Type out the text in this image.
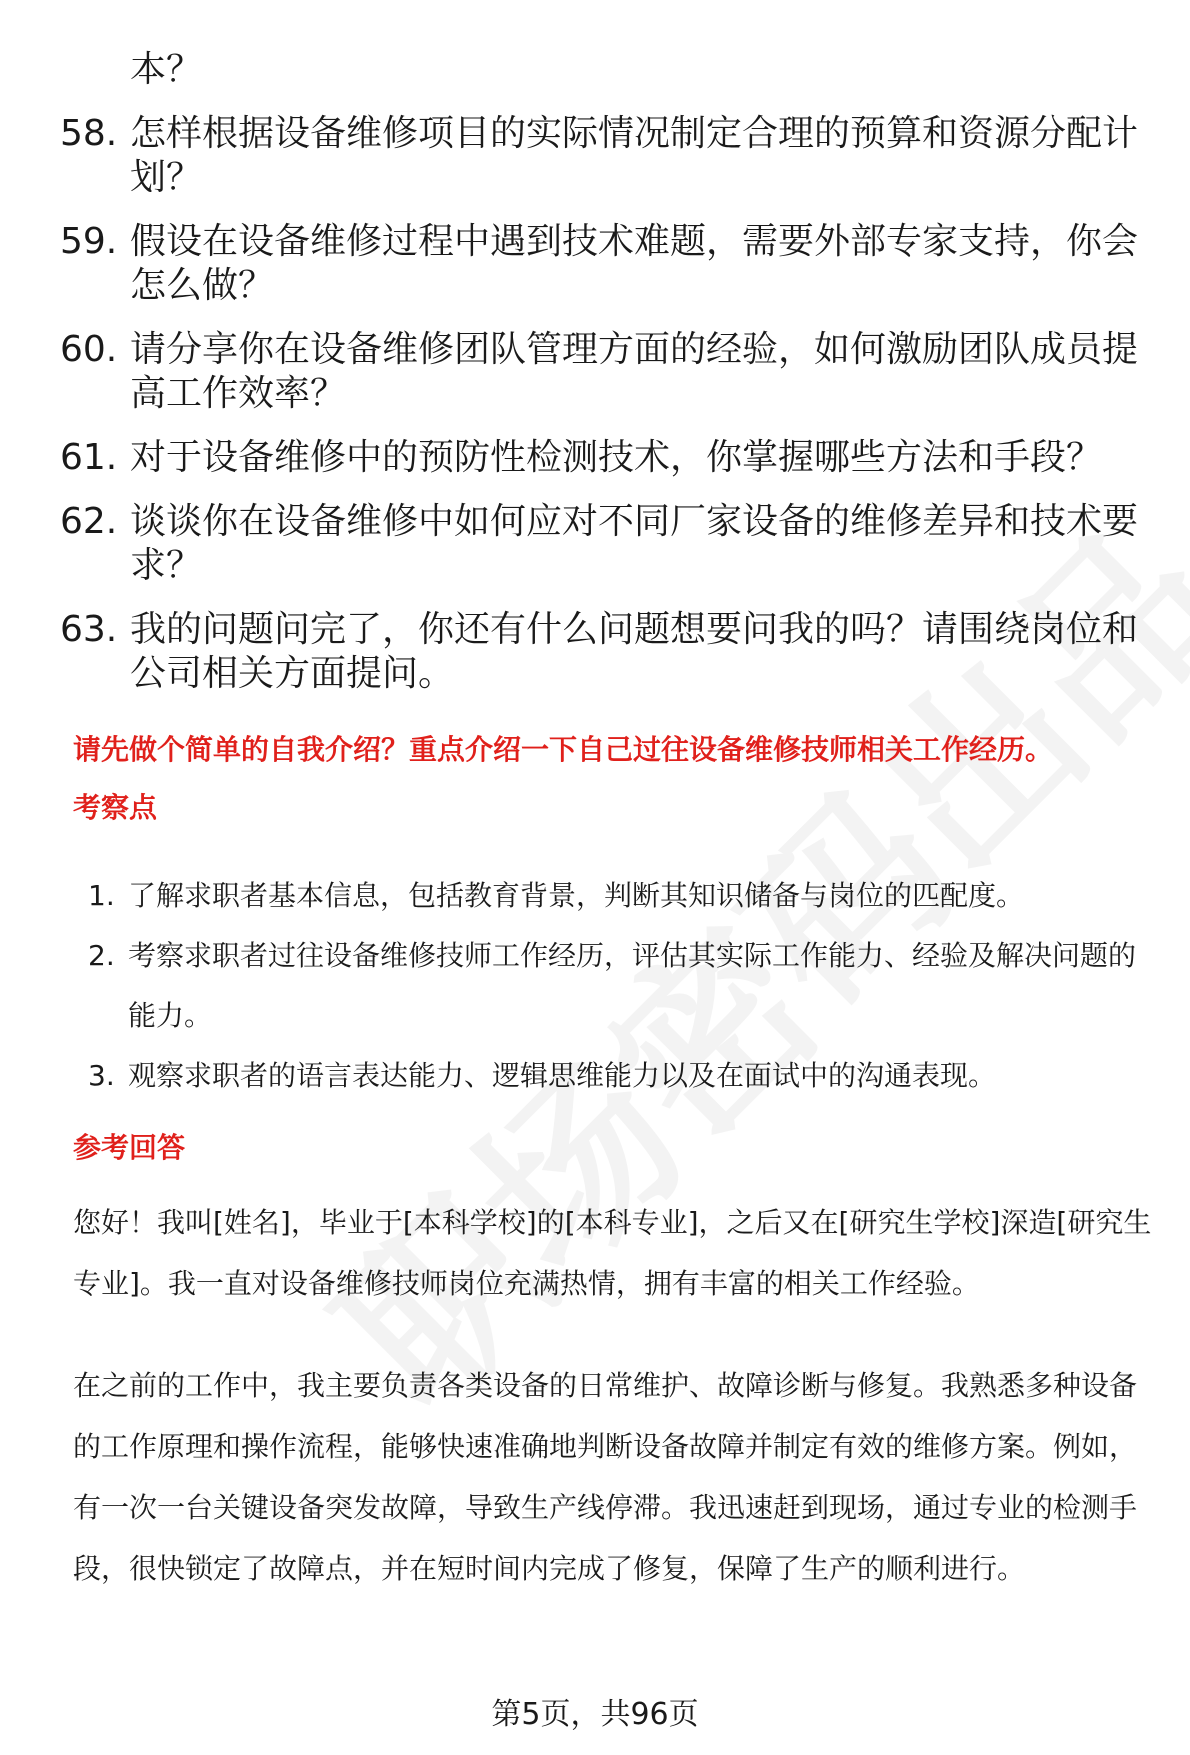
本？
58. 怎样根据设备维修项目的实际情况制定合理的预算和资源分配计划？
59. 假设在设备维修过程中遇到技术难题，需要外部专家支持，你会怎么做？
60. 请分享你在设备维修团队管理方面的经验，如何激励团队成员提高工作效率？
61. 对于设备维修中的预防性检测技术，你掌握哪些方法和手段？
62. 谈谈你在设备维修中如何应对不同厂家设备的维修差异和技术要求？
63. 我的问题问完了，你还有什么问题想要问我的吗？请围绕岗位和公司相关方面提问。
请先做个简单的自我介绍？重点介绍一下自己过往设备维修技师相关工作经历。
考察点
1. 了解求职者基本信息，包括教育背景，判断其知识储备与岗位的匹配度。
2. 考察求职者过往设备维修技师工作经历，评估其实际工作能力、经验及解决问题的能力。
3. 观察求职者的语言表达能力、逻辑思维能力以及在面试中的沟通表现。
参考回答

您好！我叫[姓名]，毕业于[本科学校]的[本科专业]，之后又在[研究生学校]深造[研究生专业]。我一直对设备维修技师岗位充满热情，拥有丰富的相关工作经验。

在之前的工作中，我主要负责各类设备的日常维护、故障诊断与修复。我熟悉多种设备的工作原理和操作流程，能够快速准确地判断设备故障并制定有效的维修方案。例如，有一次一台关键设备突发故障，导致生产线停滞。我迅速赶到现场，通过专业的检测手段，很快锁定了故障点，并在短时间内完成了修复，保障了生产的顺利进行。

第5页，共96页
